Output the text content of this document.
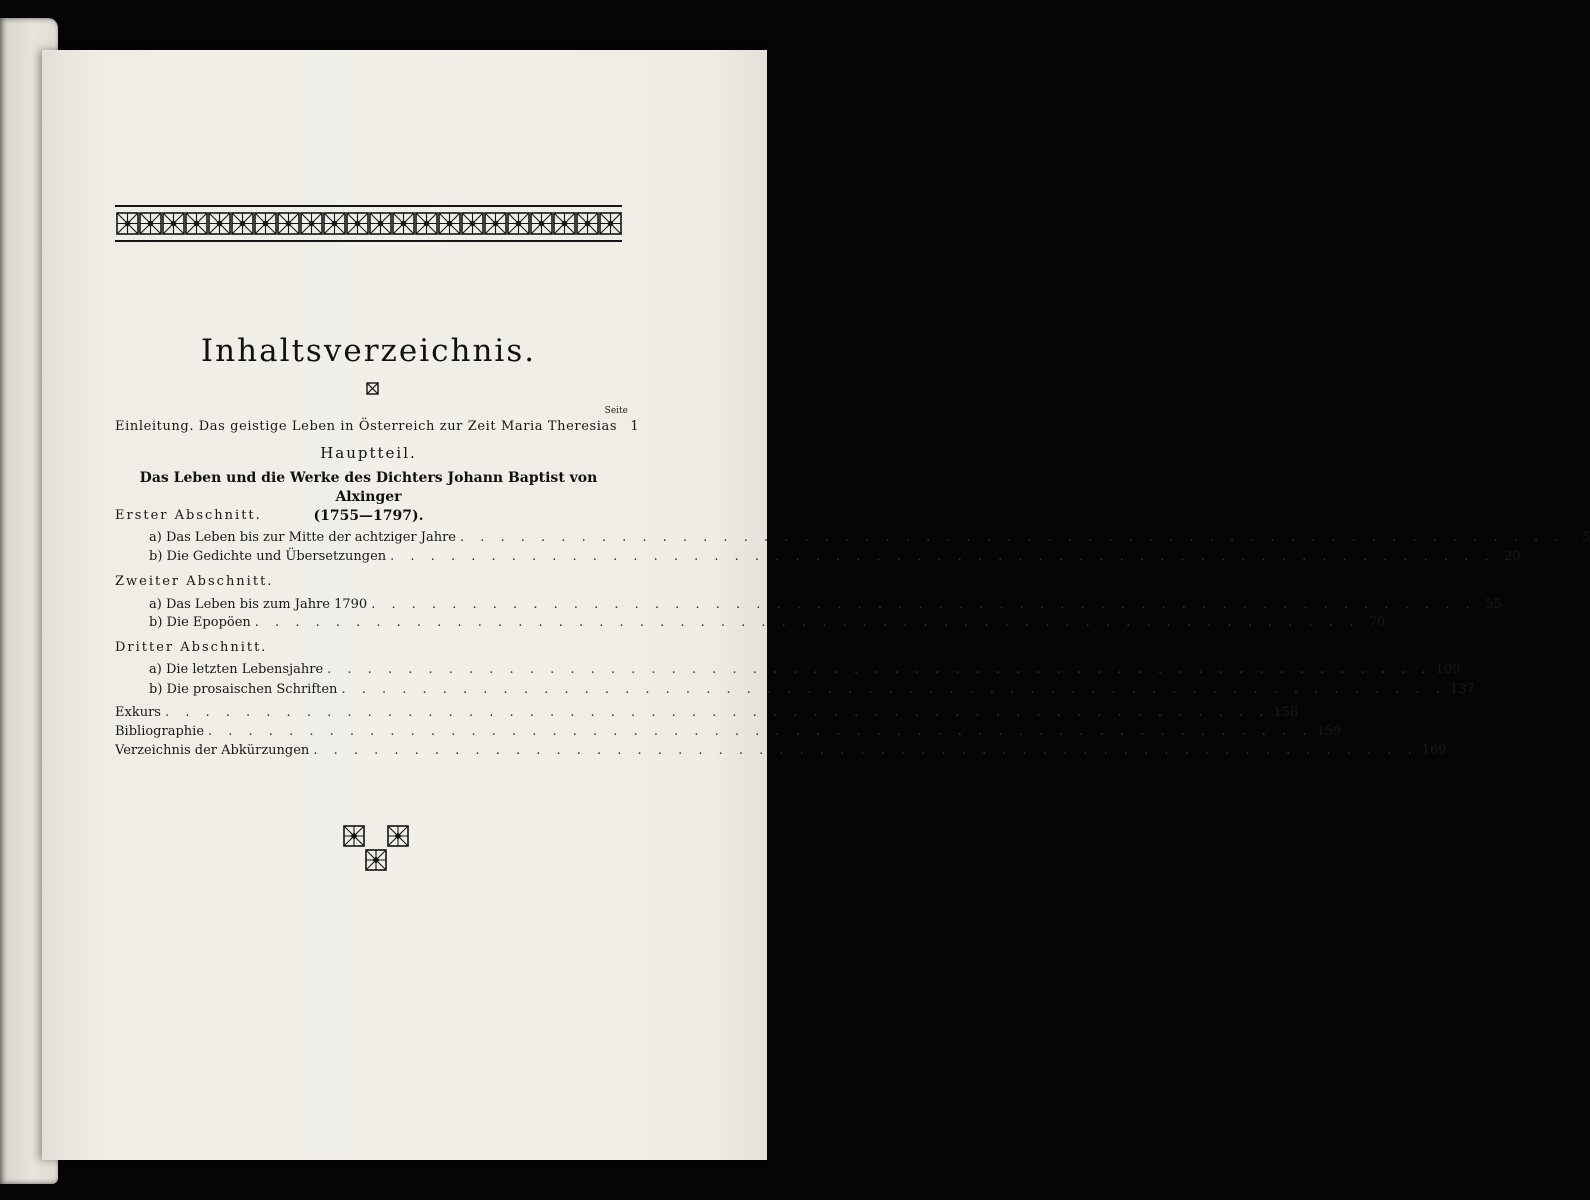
Inhaltsverzeichnis.
Seite
Einleitung. Das geistige Leben in Österreich zur Zeit Maria Theresias	1
Hauptteil.
Das Leben und die Werke des Dichters Johann Baptist von Alxinger
(1755—1797).
Erster Abschnitt.
a) Das Leben bis zur Mitte der achtziger Jahre . . . . . . . . . . . . . . . . . . . . . . . . . . . . . . . . . . . . . . . . . . . . . . . . . . . . . . .	5
b) Die Gedichte und Übersetzungen . . . . . . . . . . . . . . . . . . . . . . . . . . . . . . . . . . . . . . . . . . . . . . . . . . . . . . . 20
Zweiter Abschnitt.
a) Das Leben bis zum Jahre 1790 . . . . . . . . . . . . . . . . . . . . . . . . . . . . . . . . . . . . . . . . . . . . . . . . . . . . . . . 55
b) Die Epopöen . . . . . . . . . . . . . . . . . . . . . . . . . . . . . . . . . . . . . . . . . . . . . . . . . . . . . . . 70
Dritter Abschnitt.
a) Die letzten Lebensjahre . . . . . . . . . . . . . . . . . . . . . . . . . . . . . . . . . . . . . . . . . . . . . . . . . . . . . . . 109
b) Die prosaischen Schriften . . . . . . . . . . . . . . . . . . . . . . . . . . . . . . . . . . . . . . . . . . . . . . . . . . . . . . . 137
Exkurs . . . . . . . . . . . . . . . . . . . . . . . . . . . . . . . . . . . . . . . . . . . . . . . . . . . . . . . 158
Bibliographie . . . . . . . . . . . . . . . . . . . . . . . . . . . . . . . . . . . . . . . . . . . . . . . . . . . . . . . 159
Verzeichnis der Abkürzungen . . . . . . . . . . . . . . . . . . . . . . . . . . . . . . . . . . . . . . . . . . . . . . . . . . . . . . . 169
